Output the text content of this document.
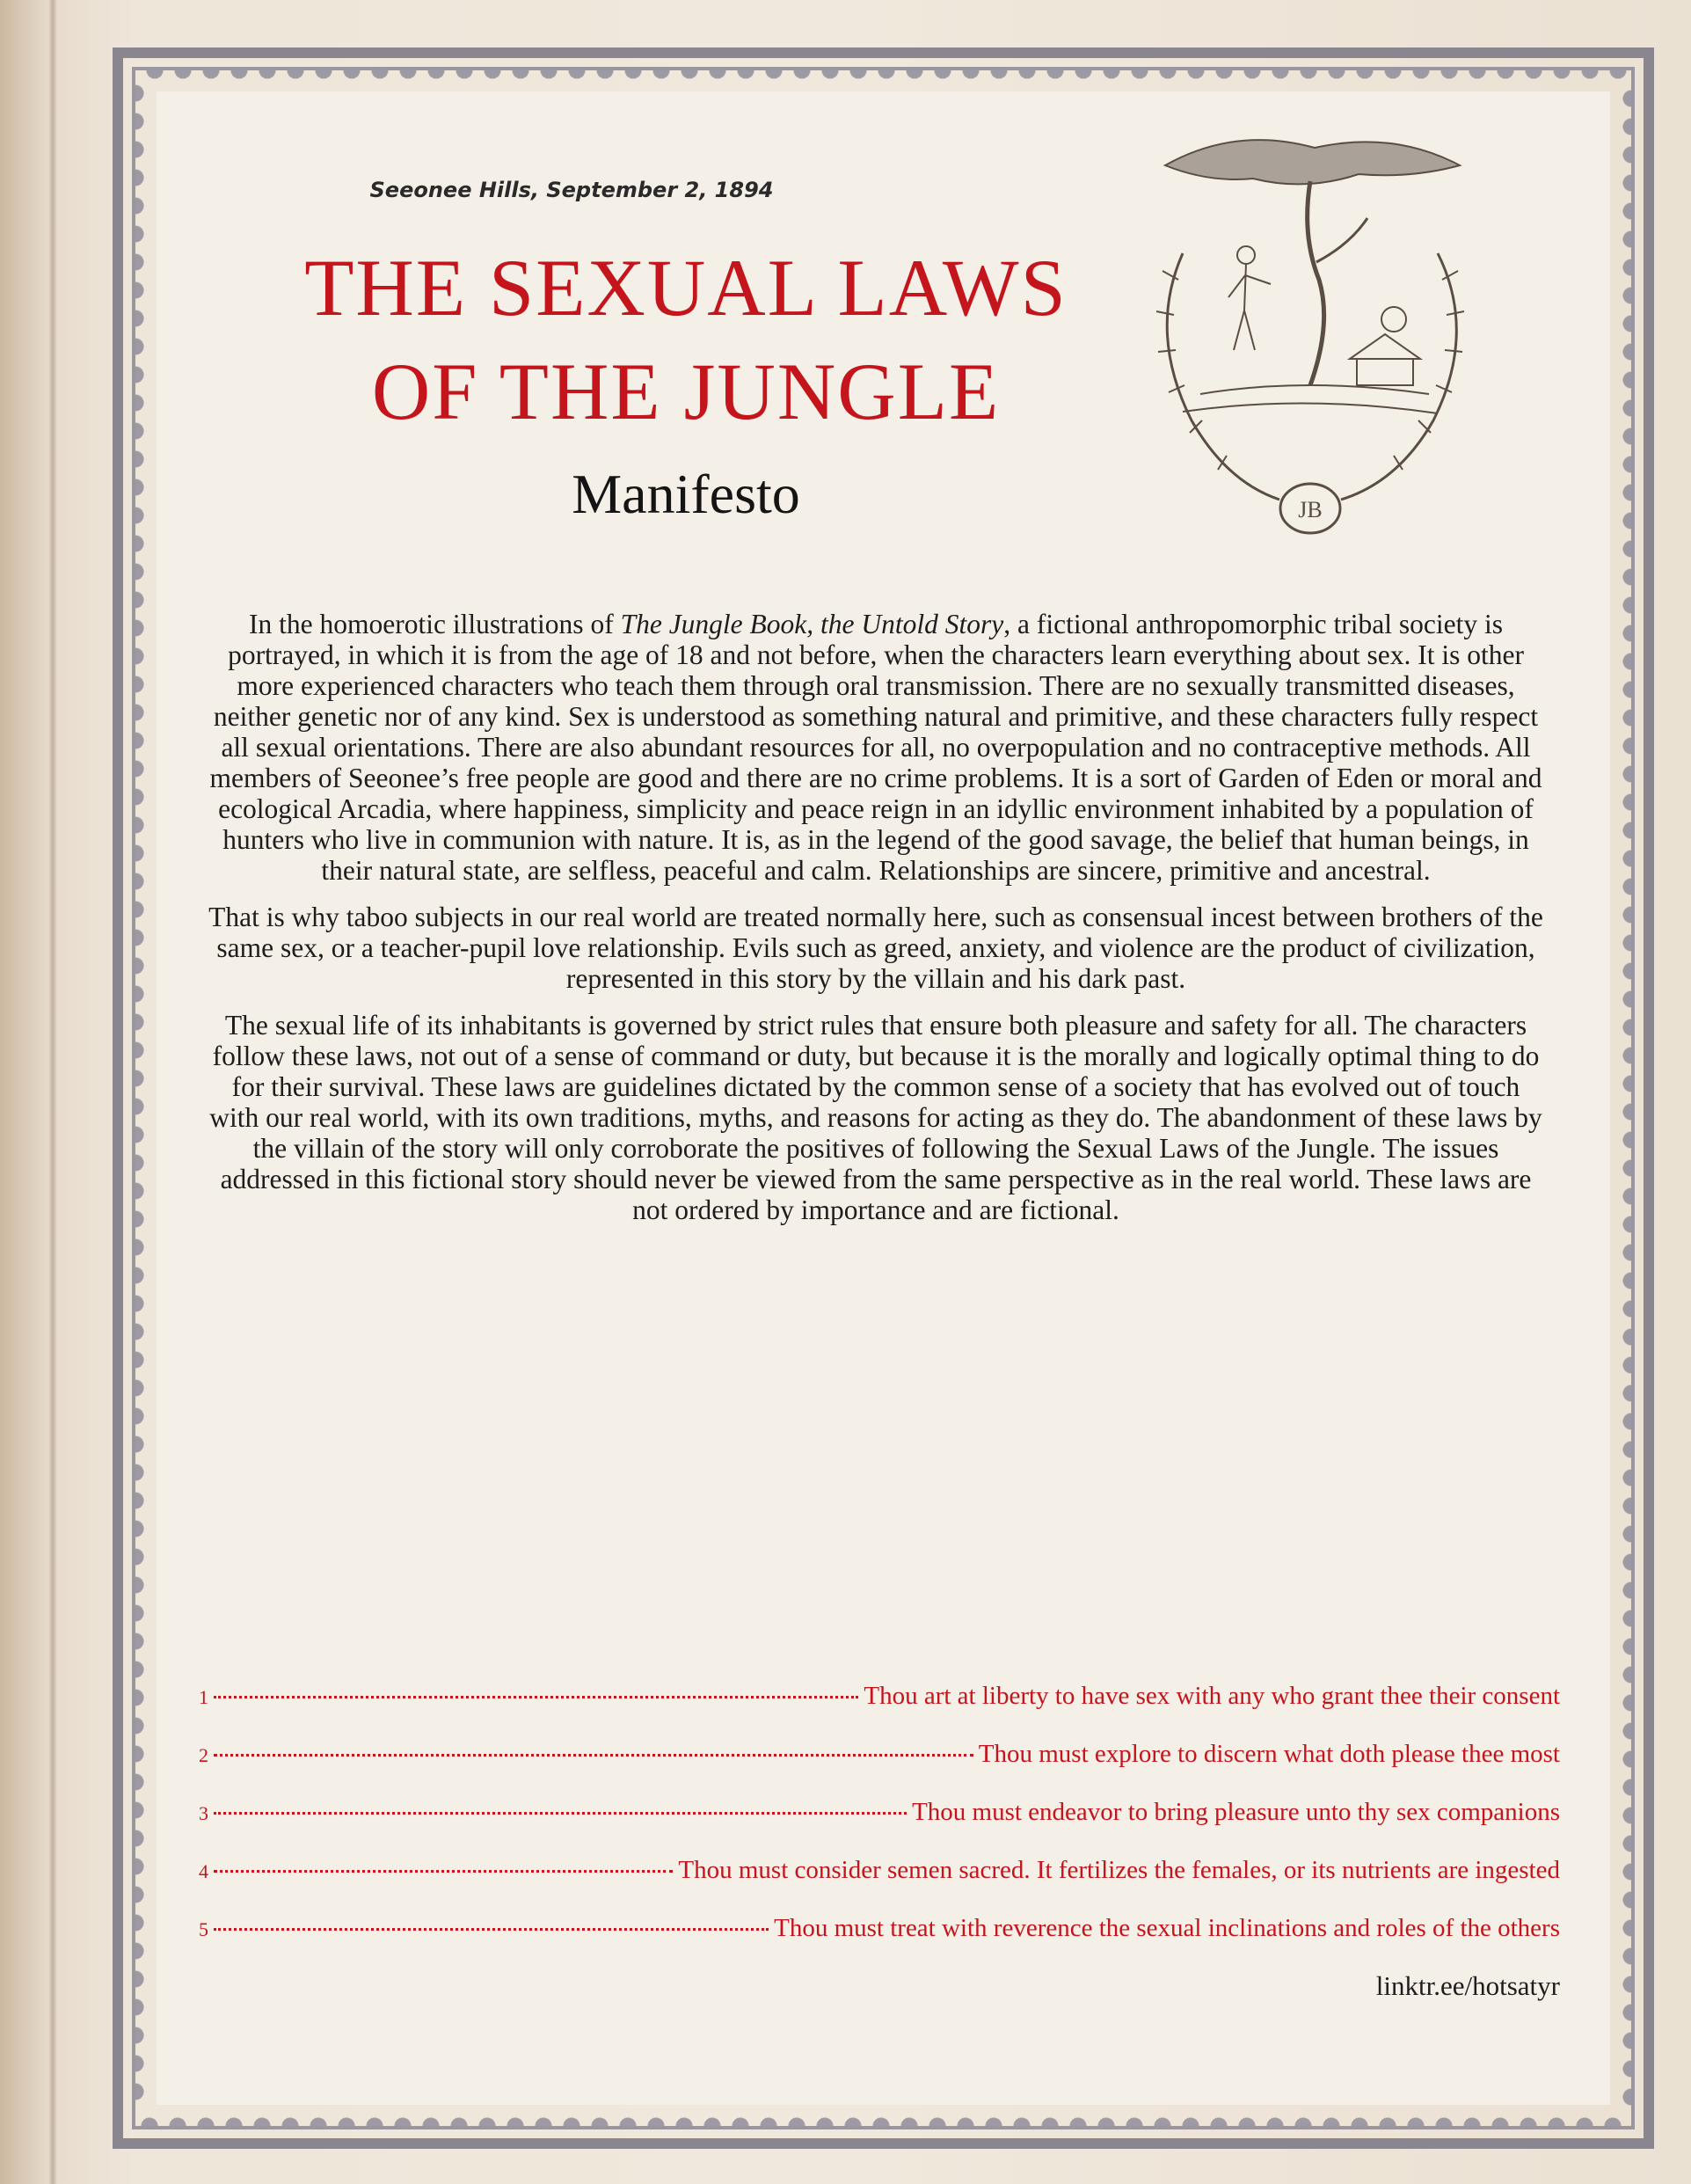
Seeonee Hills, September 2, 1894
THE SEXUAL LAWS
OF THE JUNGLE
Manifesto	JB

In the homoerotic illustrations of The Jungle Book, the Untold Story, a fictional anthropomorphic tribal society is portrayed, in which it is from the age of 18 and not before, when the characters learn everything about sex. It is other more experienced characters who teach them through oral transmission. There are no sexually transmitted diseases, neither genetic nor of any kind. Sex is understood as something natural and primitive, and these characters fully respect all sexual orientations. There are also abundant resources for all, no overpopulation and no contraceptive methods. All members of Seeonee’s free people are good and there are no crime problems. It is a sort of Garden of Eden or moral and ecological Arcadia, where happiness, simplicity and peace reign in an idyllic environment inhabited by a population of hunters who live in communion with nature. It is, as in the legend of the good savage, the belief that human beings, in their natural state, are selfless, peaceful and calm. Relationships are sincere, primitive and ancestral.

That is why taboo subjects in our real world are treated normally here, such as consensual incest between brothers of the same sex, or a teacher-pupil love relationship. Evils such as greed, anxiety, and violence are the product of civilization, represented in this story by the villain and his dark past.

The sexual life of its inhabitants is governed by strict rules that ensure both pleasure and safety for all. The characters follow these laws, not out of a sense of command or duty, but because it is the morally and logically optimal thing to do for their survival. These laws are guidelines dictated by the common sense of a society that has evolved out of touch with our real world, with its own traditions, myths, and reasons for acting as they do. The abandonment of these laws by the villain of the story will only corroborate the positives of following the Sexual Laws of the Jungle. The issues addressed in this fictional story should never be viewed from the same perspective as in the real world. These laws are not ordered by importance and are fictional.

1	Thou art at liberty to have sex with any who grant thee their consent
2	Thou must explore to discern what doth please thee most
3	Thou must endeavor to bring pleasure unto thy sex companions
4	Thou must consider semen sacred. It fertilizes the females, or its nutrients are ingested
5	Thou must treat with reverence the sexual inclinations and roles of the others
linktr.ee/hotsatyr
